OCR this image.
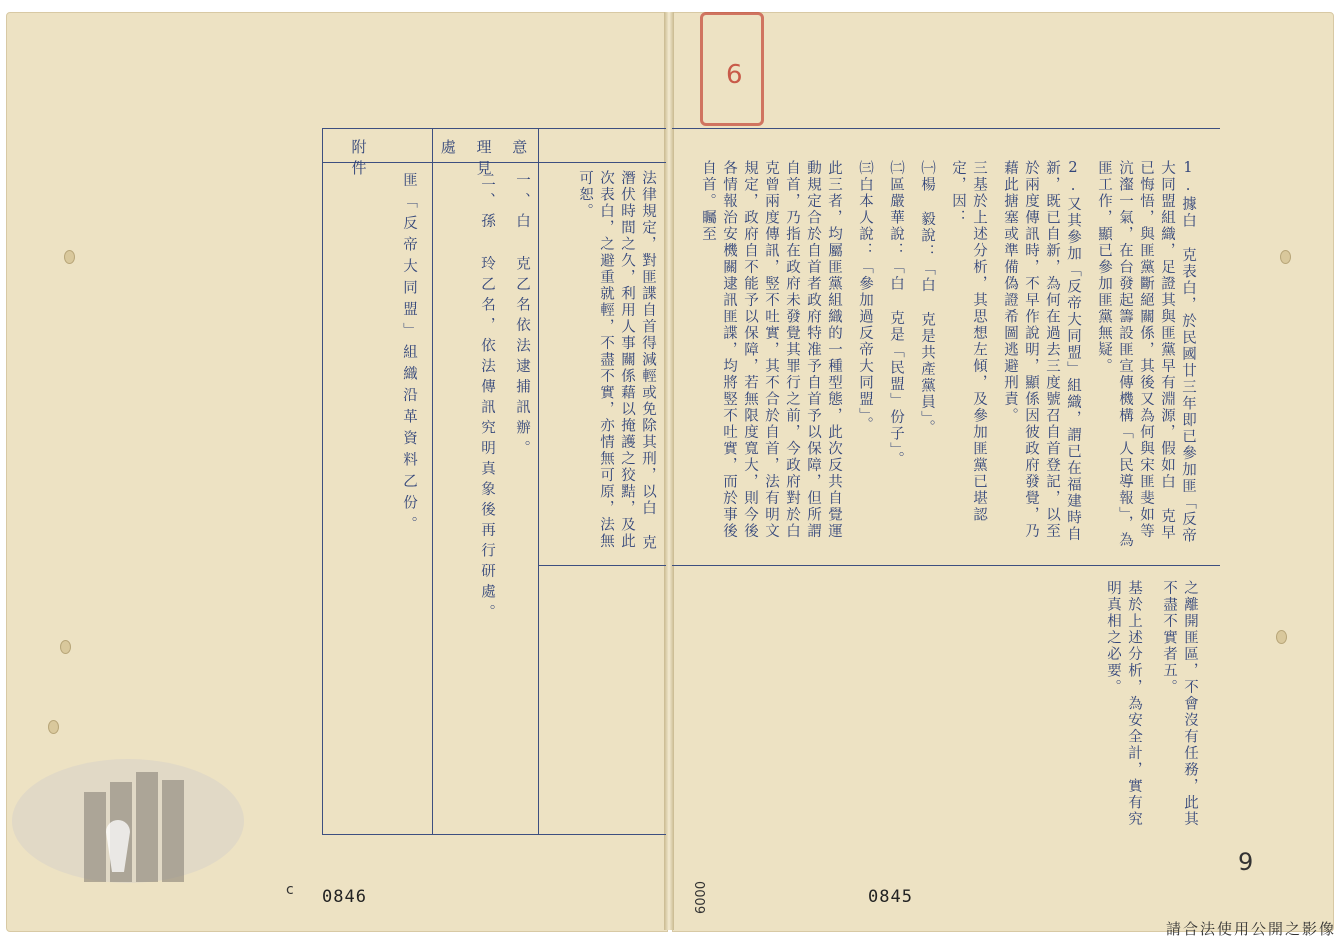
6
1.據白 克表白，於民國廿三年即已參加匪「反帝大同盟組織，足證其與匪黨早有淵源，假如白 克早已悔悟，與匪黨斷絕關係，其後又為何與宋匪斐如等沆瀣一氣，在台發起籌設匪宣傳機構「人民導報」，為匪工作，顯已參加匪黨無疑。
2.又其參加「反帝大同盟」組織，謂已在福建時自新，既已自新，為何在過去三度號召自首登記，以至於兩度傳訊時，不早作說明，顯係因彼政府發覺，乃藉此搪塞或準備偽證希圖逃避刑責。
三基於上述分析，其思想左傾，及參加匪黨已堪認定，因：
㈠楊 毅說：「白 克是共產黨員」。
㈡區嚴華說：「白 克是「民盟」份子」。
㈢白本人說：「參加過反帝大同盟」。
此三者，均屬匪黨組織的一種型態，此次反共自覺運動規定合於自首者政府特准予自首予以保障，但所謂自首，乃指在政府未發覺其罪行之前，今政府對於白 克曾兩度傳訊，竪不吐實，其不合於自首，法有明文規定，政府自不能予以保障，若無限度寬大，則今後各情報治安機關逮訊匪諜，均將竪不吐實，而於事後自首。矚至
之離開匪區，不會沒有任務，此其不盡不實者五。
基於上述分析，為安全計，實有究明真相之必要。
0845
9
0009
法律規定，對匪諜自首得減輕或免除其刑，以白 克潛伏時間之久，利用人事關係藉以掩護之狡黠，及此次表白，之避重就輕，不盡不實，亦情無可原，法無可恕。
處 理 意 見
一、白 克乙名依法逮捕訊辦。
二、孫 玲乙名，依法傳訊究明真象後再行研處。
附 件
匪「反帝大同盟」組織沿革資料乙份。
0846
c
請合法使用公開之影像
